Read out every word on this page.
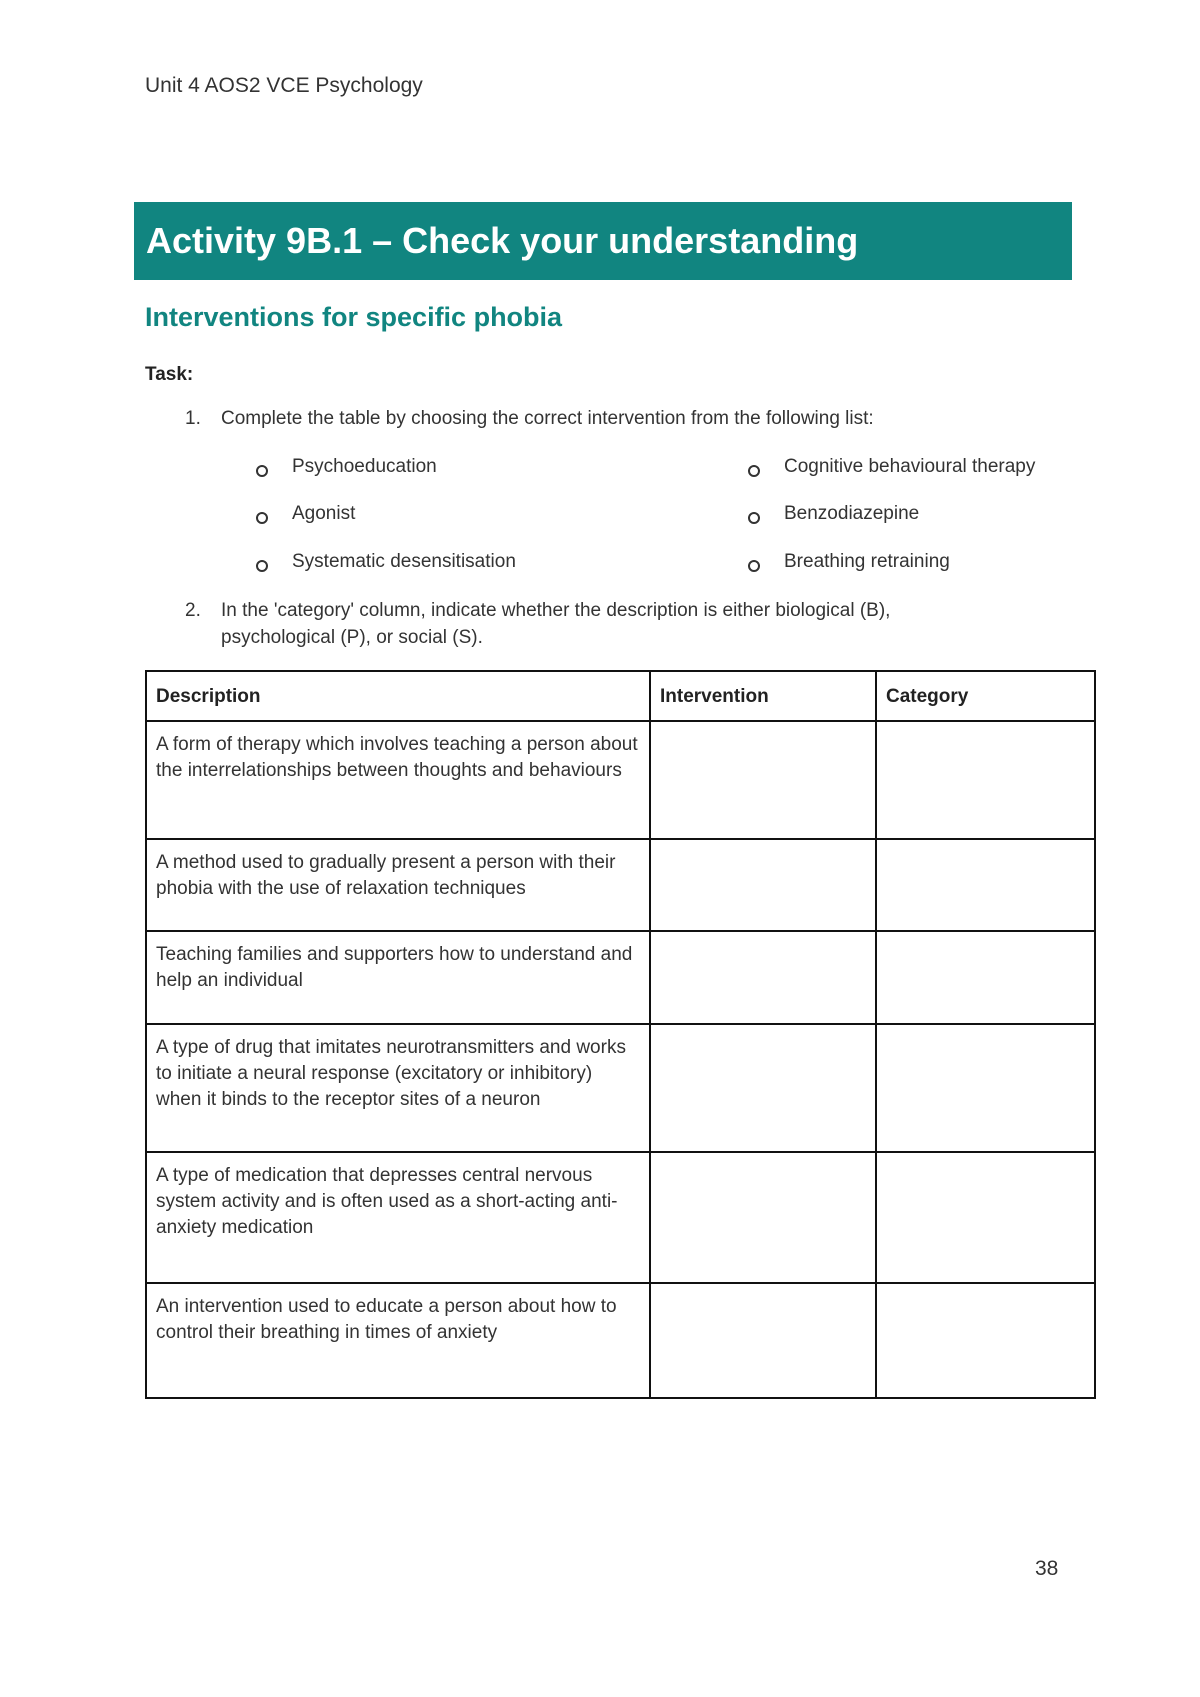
Unit 4 AOS2 VCE Psychology
Activity 9B.1 – Check your understanding
Interventions for specific phobia
Task:
1. Complete the table by choosing the correct intervention from the following list:
Psychoeducation	Cognitive behavioural therapy
Agonist	Benzodiazepine
Systematic desensitisation	Breathing retraining
2. In the 'category' column, indicate whether the description is either biological (B), psychological (P), or social (S).
Description	Intervention	Category
A form of therapy which involves teaching a person about the interrelationships between thoughts and behaviours		
A method used to gradually present a person with their phobia with the use of relaxation techniques		
Teaching families and supporters how to understand and help an individual		
A type of drug that imitates neurotransmitters and works to initiate a neural response (excitatory or inhibitory) when it binds to the receptor sites of a neuron		
A type of medication that depresses central nervous system activity and is often used as a short-acting anti-anxiety medication		
An intervention used to educate a person about how to control their breathing in times of anxiety		
38
